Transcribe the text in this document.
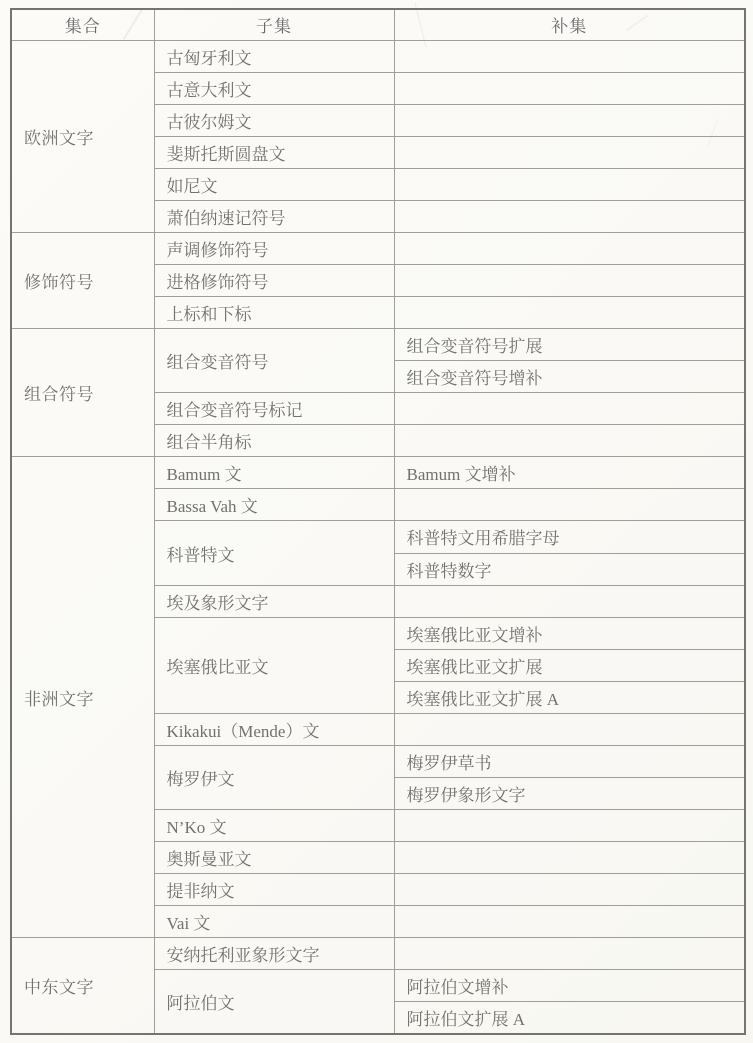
集合	子集	补集
欧洲文字	古匈牙利文	
	古意大利文	
	古彼尔姆文	
	斐斯托斯圆盘文	
	如尼文	
	萧伯纳速记符号	
修饰符号	声调修饰符号	
	进格修饰符号	
	上标和下标	
组合符号	组合变音符号	组合变音符号扩展
		组合变音符号增补
	组合变音符号标记	
	组合半角标	
非洲文字	Bamum 文	Bamum 文增补
	Bassa Vah 文	
	科普特文	科普特文用希腊字母
		科普特数字
	埃及象形文字	
	埃塞俄比亚文	埃塞俄比亚文增补
		埃塞俄比亚文扩展
		埃塞俄比亚文扩展 A
	Kikakui（Mende）文	
	梅罗伊文	梅罗伊草书
		梅罗伊象形文字
	N’Ko 文	
	奥斯曼亚文	
	提非纳文	
	Vai 文	
中东文字	安纳托利亚象形文字	
	阿拉伯文	阿拉伯文增补
		阿拉伯文扩展 A
